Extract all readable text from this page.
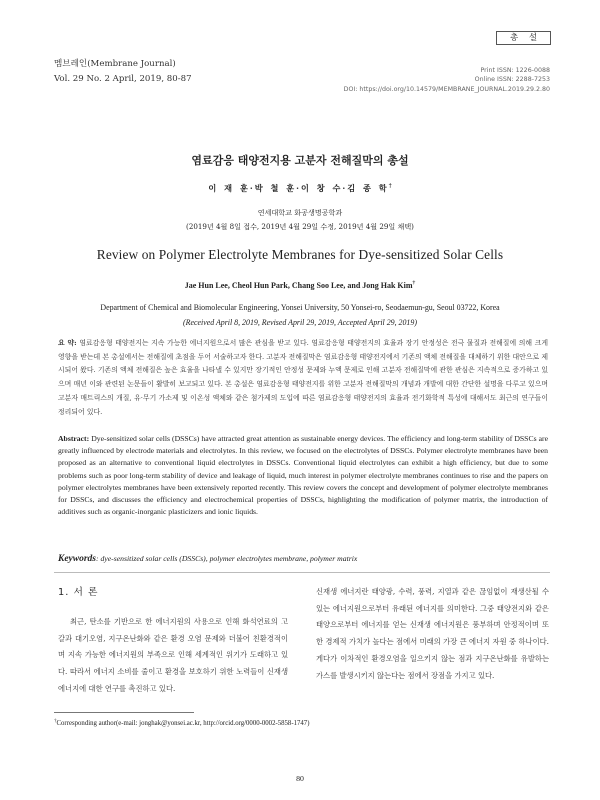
멤브레인(Membrane Journal)
Vol. 29 No. 2 April, 2019, 80-87
총 설
Print ISSN: 1226-0088
Online ISSN: 2288-7253
DOI: https://doi.org/10.14579/MEMBRANE_JOURNAL.2019.29.2.80
염료감응 태양전지용 고분자 전해질막의 총설
이 재 훈·박 철 훈·이 창 수·김 종 학†
연세대학교 화공생명공학과
(2019년 4월 8일 접수, 2019년 4월 29일 수정, 2019년 4월 29일 채택)
Review on Polymer Electrolyte Membranes for Dye-sensitized Solar Cells
Jae Hun Lee, Cheol Hun Park, Chang Soo Lee, and Jong Hak Kim†
Department of Chemical and Biomolecular Engineering, Yonsei University, 50 Yonsei-ro, Seodaemun-gu, Seoul 03722, Korea
(Received April 8, 2019, Revised April 29, 2019, Accepted April 29, 2019)
요 약: 염료감응형 태양전지는 지속 가능한 에너지원으로서 많은 관심을 받고 있다. 염료감응형 태양전지의 효율과 장기 안정성은 전극 물질과 전해질에 의해 크게 영향을 받는데 본 총설에서는 전해질에 초점을 두어 서술하고자 한다. 고분자 전해질막은 염료감응형 태양전지에서 기존의 액체 전해질을 대체하기 위한 대안으로 제시되어 왔다. 기존의 액체 전해질은 높은 효율을 나타낼 수 있지만 장기적인 안정성 문제와 누액 문제로 인해 고분자 전해질막에 관한 관심은 지속적으로 증가하고 있으며 매년 이와 관련된 논문들이 활발히 보고되고 있다. 본 총설은 염료감응형 태양전지를 위한 고분자 전해질막의 개념과 개발에 대한 간단한 설명을 다루고 있으며 고분자 매트릭스의 개질, 유·무기 가소제 및 이온성 액체와 같은 첨가제의 도입에 따른 염료감응형 태양전지의 효율과 전기화학적 특성에 대해서도 최근의 연구들이 정리되어 있다.
Abstract: Dye-sensitized solar cells (DSSCs) have attracted great attention as sustainable energy devices. The efficiency and long-term stability of DSSCs are greatly influenced by electrode materials and electrolytes. In this review, we focused on the electrolytes of DSSCs. Polymer electrolyte membranes have been proposed as an alternative to conventional liquid electrolytes in DSSCs. Conventional liquid electrolytes can exhibit a high efficiency, but due to some problems such as poor long-term stability of device and leakage of liquid, much interest in polymer electrolyte membranes continues to rise and the papers on polymer electrolytes membranes have been extensively reported recently. This review covers the concept and development of polymer electrolyte membranes for DSSCs, and discusses the efficiency and electrochemical properties of DSSCs, highlighting the modification of polymer matrix, the introduction of additives such as organic-inorganic plasticizers and ionic liquids.
Keywords: dye-sensitized solar cells (DSSCs), polymer electrolytes membrane, polymer matrix
1. 서 론
최근, 탄소를 기반으로 한 에너지원의 사용으로 인해 화석연료의 고갈과 대기오염, 지구온난화와 같은 환경 오염 문제와 더불어 친환경적이며 지속 가능한 에너지원의 부족으로 인해 세계적인 위기가 도래하고 있다. 따라서 에너지 소비를 줄이고 환경을 보호하기 위한 노력들이 신재생 에너지에 대한 연구를 촉진하고 있다.
신재생 에너지란 태양광, 수력, 풍력, 지열과 같은 끊임없이 재생산될 수 있는 에너지원으로부터 유래된 에너지를 의미한다. 그중 태양전지와 같은 태양으로부터 에너지를 얻는 신재생 에너지원은 풍부하며 안정적이며 또한 경제적 가치가 높다는 점에서 미래의 가장 큰 에너지 자원 중 하나이다. 게다가 이차적인 환경오염을 일으키지 않는 점과 지구온난화를 유발하는 가스를 발생시키지 않는다는 점에서 장점을 가지고 있다.
†Corresponding author(e-mail: jonghak@yonsei.ac.kr, http://orcid.org/0000-0002-5858-1747)
80
